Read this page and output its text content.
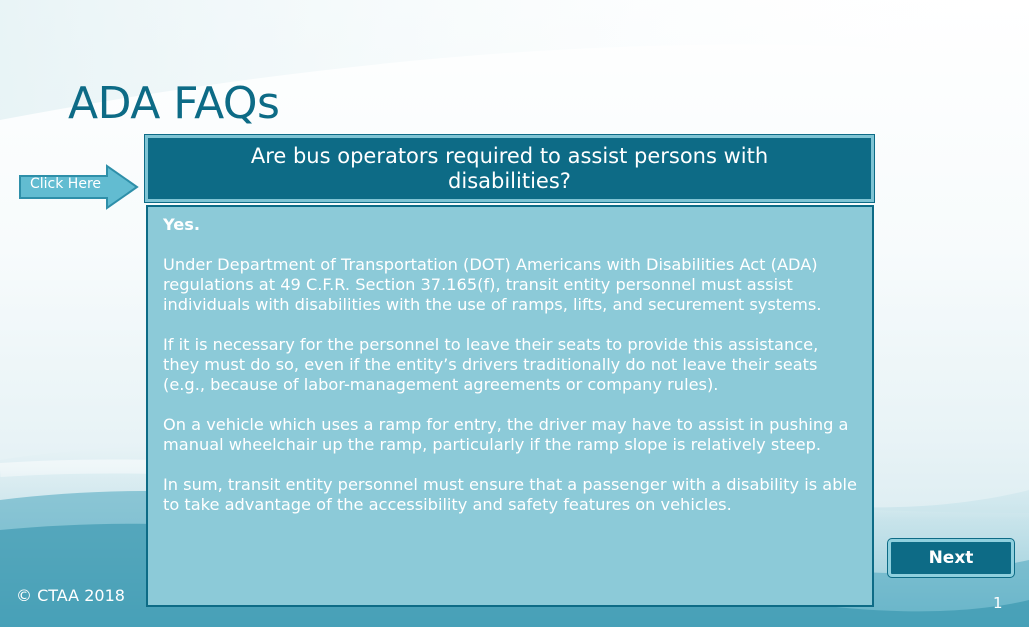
ADA FAQs
Click Here
Are bus operators required to assist persons with disabilities?

Yes.

Under Department of Transportation (DOT) Americans with Disabilities Act (ADA) regulations at 49 C.F.R. Section 37.165(f), transit entity personnel must assist individuals with disabilities with the use of ramps, lifts, and securement systems.

If it is necessary for the personnel to leave their seats to provide this assistance, they must do so, even if the entity’s drivers traditionally do not leave their seats (e.g., because of labor-management agreements or company rules).

On a vehicle which uses a ramp for entry, the driver may have to assist in pushing a manual wheelchair up the ramp, particularly if the ramp slope is relatively steep.

In sum, transit entity personnel must ensure that a passenger with a disability is able to take advantage of the accessibility and safety features on vehicles.

Next
© CTAA 2018	1
